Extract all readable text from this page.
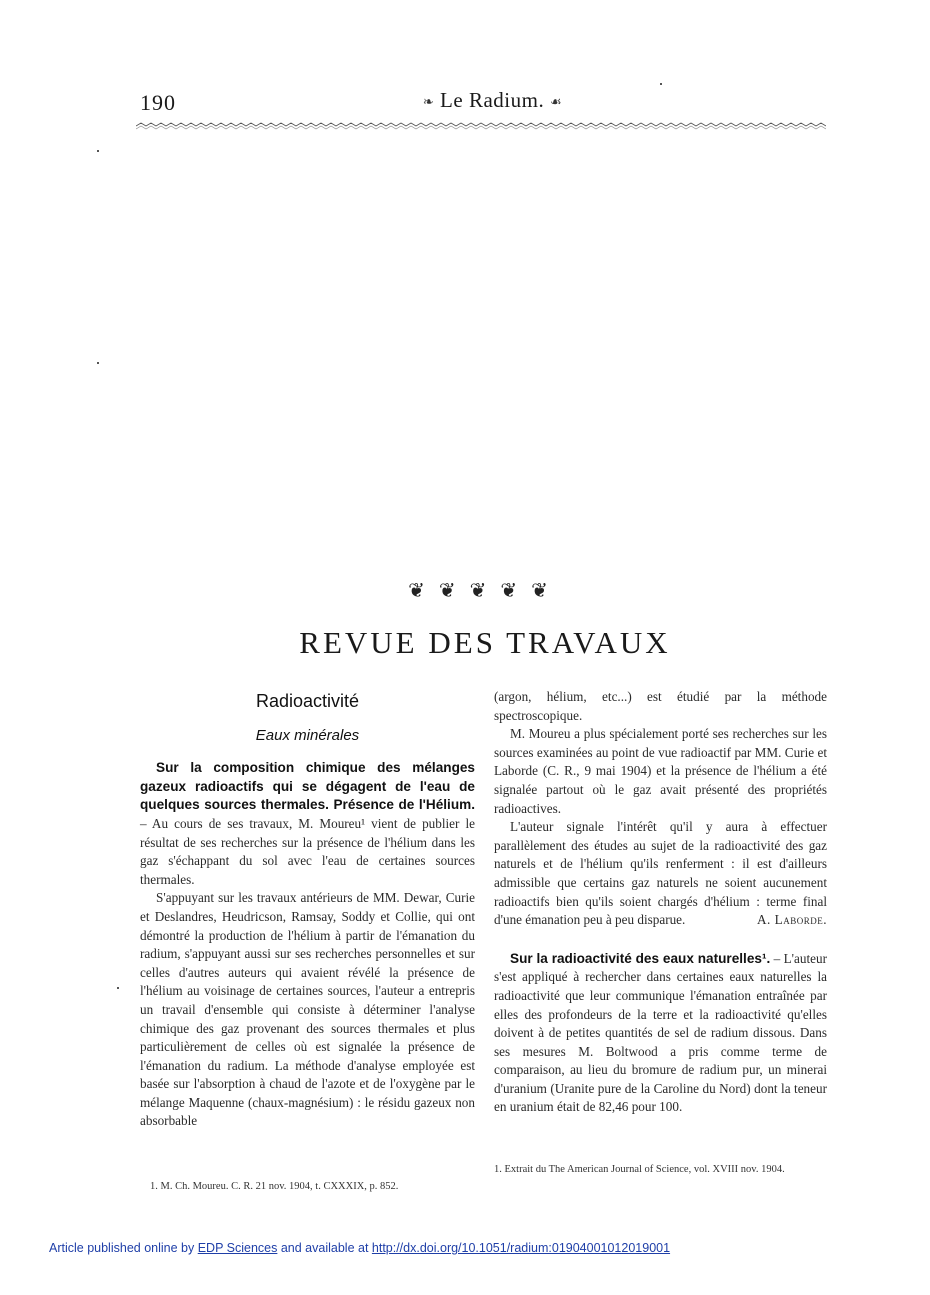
190	❧ Le Radium. ☙
❦❦❦❦❦
REVUE DES TRAVAUX
Radioactivité
Eaux minérales

Sur la composition chimique des mélanges gazeux radioactifs qui se dégagent de l'eau de quelques sources thermales. Présence de l'Hélium. – Au cours de ses travaux, M. Moureu¹ vient de publier le résultat de ses recherches sur la présence de l'hélium dans les gaz s'échappant du sol avec l'eau de certaines sources thermales.

S'appuyant sur les travaux antérieurs de MM. Dewar, Curie et Deslandres, Heudricson, Ramsay, Soddy et Collie, qui ont démontré la production de l'hélium à partir de l'émanation du radium, s'appuyant aussi sur ses recherches personnelles et sur celles d'autres auteurs qui avaient révélé la présence de l'hélium au voisinage de certaines sources, l'auteur a entrepris un travail d'ensemble qui consiste à déterminer l'analyse chimique des gaz provenant des sources thermales et plus particulièrement de celles où est signalée la présence de l'émanation du radium. La méthode d'analyse employée est basée sur l'absorption à chaud de l'azote et de l'oxygène par le mélange Maquenne (chaux-magnésium) : le résidu gazeux non absorbable

(argon, hélium, etc...) est étudié par la méthode spectroscopique.

M. Moureu a plus spécialement porté ses recherches sur les sources examinées au point de vue radioactif par MM. Curie et Laborde (C. R., 9 mai 1904) et la présence de l'hélium a été signalée partout où le gaz avait présenté des propriétés radioactives.

L'auteur signale l'intérêt qu'il y aura à effectuer parallèlement des études au sujet de la radioactivité des gaz naturels et de l'hélium qu'ils renferment : il est d'ailleurs admissible que certains gaz naturels ne soient aucunement radioactifs bien qu'ils soient chargés d'hélium : terme final d'une émanation peu à peu disparue.	A. Laborde.

Sur la radioactivité des eaux naturelles¹. – L'auteur s'est appliqué à rechercher dans certaines eaux naturelles la radioactivité que leur communique l'émanation entraînée par elles des profondeurs de la terre et la radioactivité qu'elles doivent à de petites quantités de sel de radium dissous. Dans ses mesures M. Boltwood a pris comme terme de comparaison, au lieu du bromure de radium pur, un minerai d'uranium (Uranite pure de la Caroline du Nord) dont la teneur en uranium était de 82,46 pour 100.

1. M. Ch. Moureu. C. R. 21 nov. 1904, t. CXXXIX, p. 852.
1. Extrait du The American Journal of Science, vol. XVIII nov. 1904.
Article published online by EDP Sciences and available at http://dx.doi.org/10.1051/radium:01904001012019001
